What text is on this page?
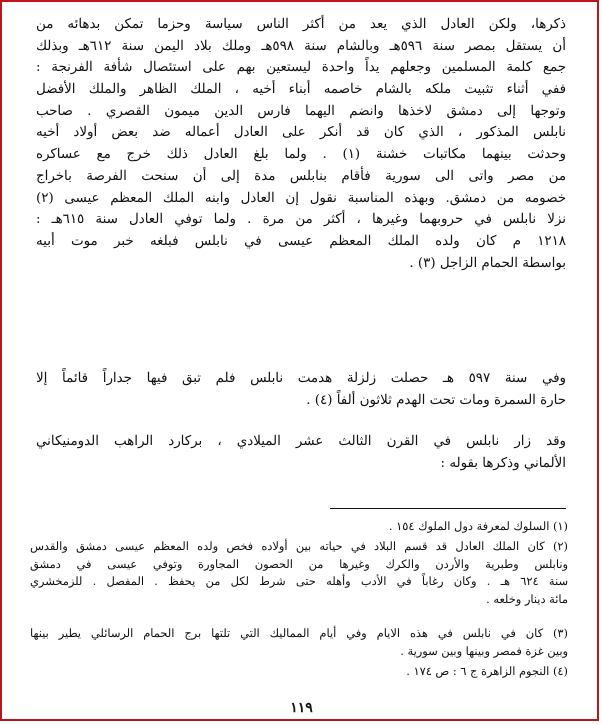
ذكرها، ولكن العادل الذي يعد من أكثر الناس سياسة وحزما تمكن بدهائه من
أن يستقل بمصر سنة ٥٩٦هـ وبالشام سنة ٥٩٨هـ وملك بلاد اليمن سنة ٦١٢هـ وبذلك
جمع كلمة المسلمين وجعلهم يداً واحدة ليستعين بهم على استئصال شأفة الفرنجة :
ففي أثناء تثبيت ملكه بالشام خاصمه أبناء أخيه ، الملك الظاهر والملك الأفضل
وتوجها إلى دمشق لاخذها وانضم اليهما فارس الدين ميمون القصري . صاحب
نابلس المذكور ، الذي كان قد أنكر على العادل أعماله ضد بعض أولاد أخيه
وحدثت بينهما مكاتبات خشنة (١) . ولما بلغ العادل ذلك خرج مع عساكره
من مصر واتى الى سورية فأقام بنابلس مدة إلى أن سنحت الفرصة باخراج
خصومه من دمشق. وبهذه المناسبة نقول إن العادل وابنه الملك المعظم عيسى (٢)
نزلا نابلس في حروبهما وغيرها ، أكثر من مرة . ولما توفي العادل سنة ٦١٥هـ :
١٢١٨ م كان ولده الملك المعظم عيسى في نابلس فبلغه خبر موت أبيه
بواسطة الحمام الزاجل (٣) .
وفي سنة ٥٩٧ هـ حصلت زلزلة هدمت نابلس فلم تبق فيها جداراً قائماً إلا
حارة السمرة ومات تحت الهدم ثلاثون ألفاً (٤) .
وقد زار نابلس في القرن الثالث عشر الميلادي ، بركارد الراهب الدومنيكاني
الألماني وذكرها بقوله :
(١) السلوك لمعرفة دول الملوك ١٥٤ .
(٢) كان الملك العادل قد قسم البلاد في حياته بين أولاده فخص ولده المعظم عيسى دمشق والقدس
ونابلس وطبرية والأردن والكرك وغيرها من الحصون المجاورة وتوفي عيسى في دمشق
سنة ٦٢٤ هـ . وكان رغاباً في الأدب وأهله حتى شرط لكل من يحفظ . المفصل . للزمخشري
مائة دينار وخلعه .
(٣) كان في نابلس في هذه الايام وفي أيام المماليك التي تلتها برج الحمام الرسائلي يطير بينها
وبين غزة فمصر وبينها وبين سورية .
(٤) النجوم الزاهرة ج ٦ : ص ١٧٤ .
١١٩
